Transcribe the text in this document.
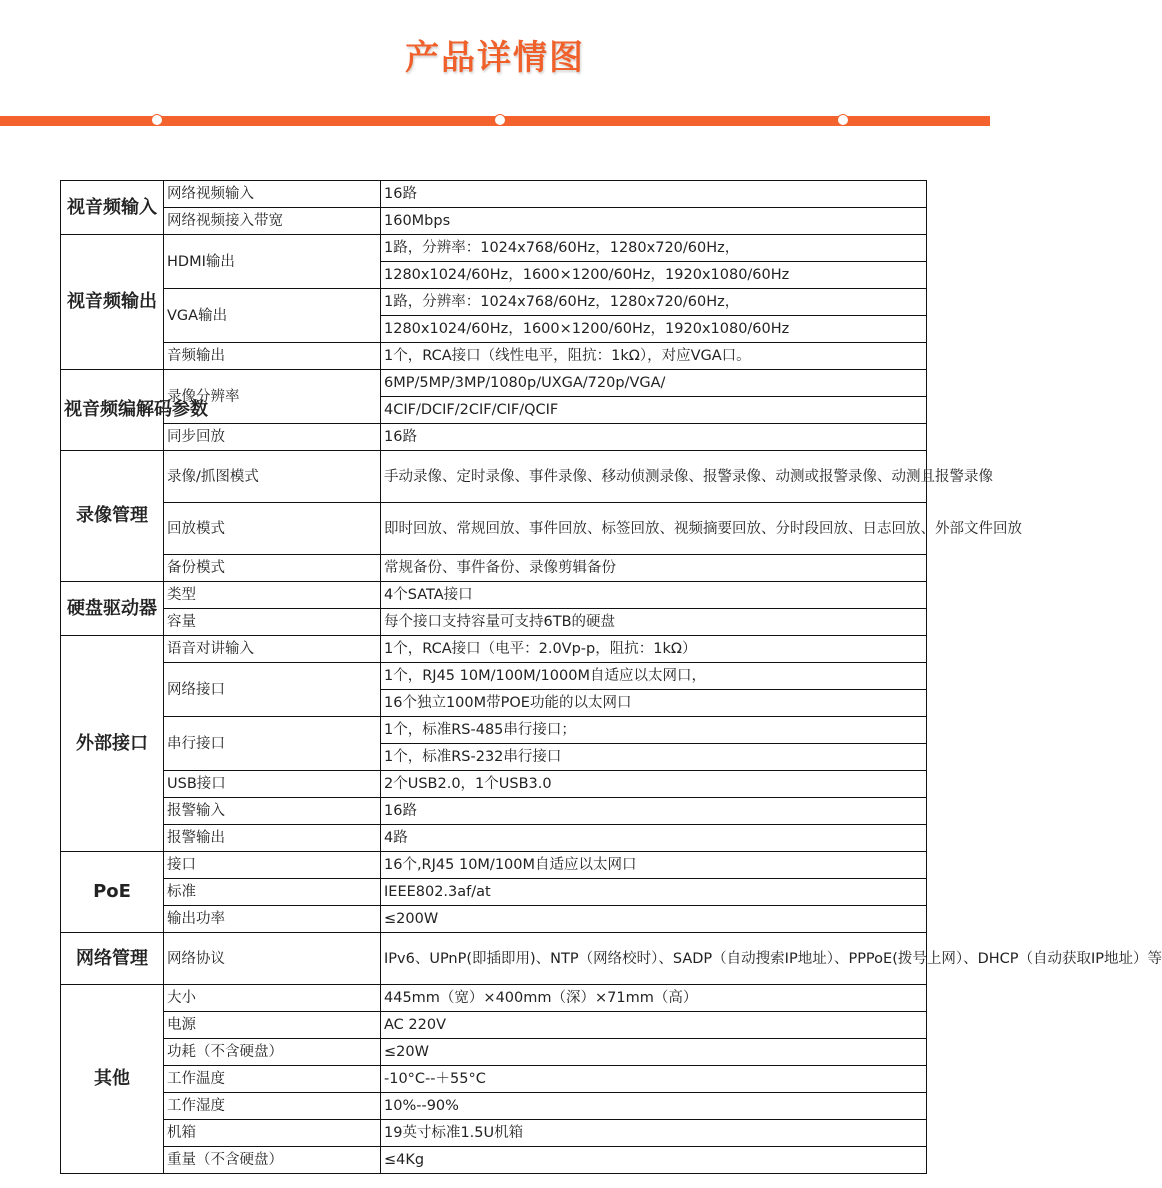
产品详情图
视音频输入	网络视频输入	16路
	网络视频接入带宽	160Mbps
视音频输出	HDMI输出	1路，分辨率：1024x768/60Hz，1280x720/60Hz，
		1280x1024/60Hz，1600×1200/60Hz，1920x1080/60Hz
	VGA输出	1路，分辨率：1024x768/60Hz，1280x720/60Hz，
		1280x1024/60Hz，1600×1200/60Hz，1920x1080/60Hz
	音频输出	1个，RCA接口（线性电平，阻抗：1kΩ），对应VGA口。
视音频编解码参数	录像分辨率	6MP/5MP/3MP/1080p/UXGA/720p/VGA/
		4CIF/DCIF/2CIF/CIF/QCIF
	同步回放	16路
录像管理	录像/抓图模式	手动录像、定时录像、事件录像、移动侦测录像、报警录像、动测或报警录像、动测且报警录像
	回放模式	即时回放、常规回放、事件回放、标签回放、视频摘要回放、分时段回放、日志回放、外部文件回放
	备份模式	常规备份、事件备份、录像剪辑备份
硬盘驱动器	类型	4个SATA接口
	容量	每个接口支持容量可支持6TB的硬盘
外部接口	语音对讲输入	1个，RCA接口（电平：2.0Vp-p，阻抗：1kΩ）
	网络接口	1个，RJ45 10M/100M/1000M自适应以太网口，
		16个独立100M带POE功能的以太网口
	串行接口	1个，标准RS-485串行接口；
		1个，标准RS-232串行接口
	USB接口	2个USB2.0，1个USB3.0
	报警输入	16路
	报警输出	4路
PoE	接口	16个,RJ45 10M/100M自适应以太网口
	标准	IEEE802.3af/at
	输出功率	≤200W
网络管理	网络协议	IPv6、UPnP(即插即用)、NTP（网络校时）、SADP（自动搜索IP地址）、PPPoE(拨号上网）、DHCP（自动获取IP地址）等
其他	大小	445mm（宽）×400mm（深）×71mm（高）
	电源	AC 220V
	功耗（不含硬盘）	≤20W
	工作温度	-10°C--＋55°C
	工作湿度	10%--90%
	机箱	19英寸标准1.5U机箱
	重量（不含硬盘）	≤4Kg
